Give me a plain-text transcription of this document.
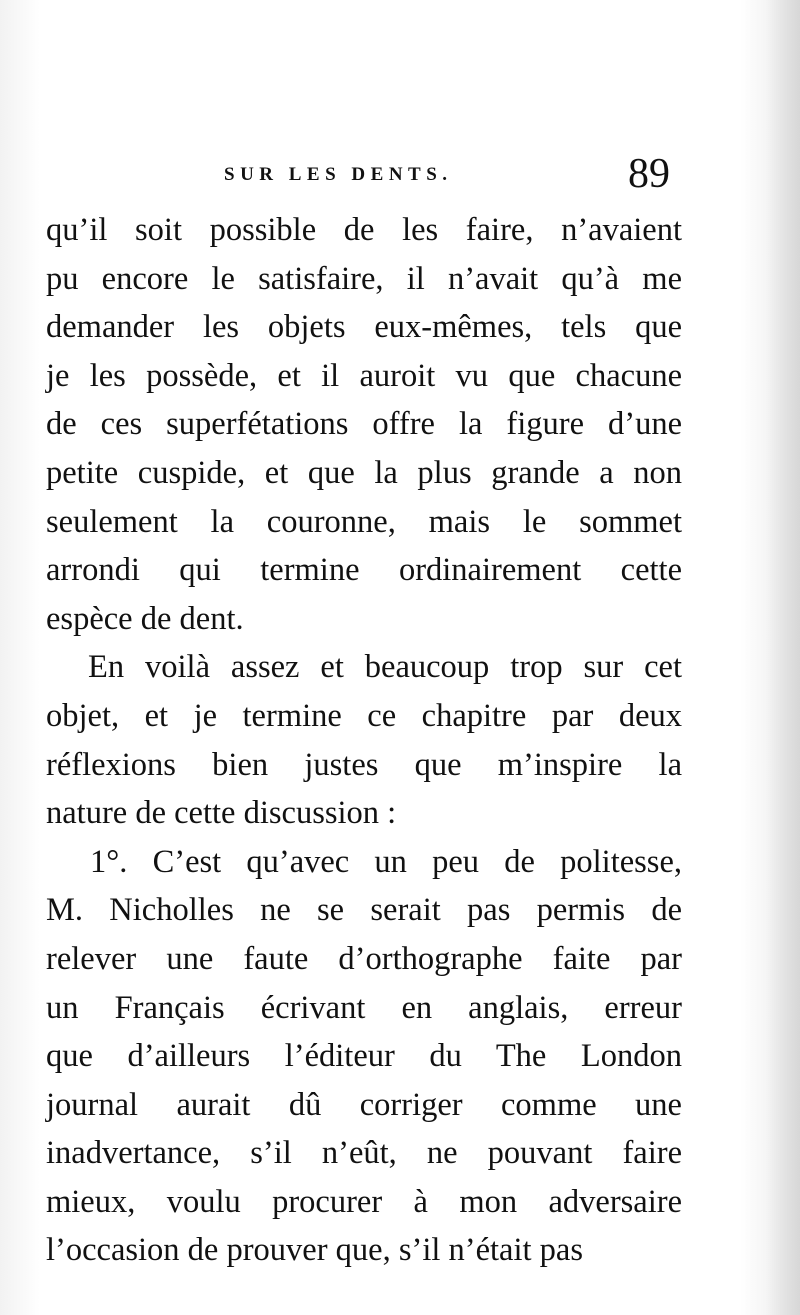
SUR LES DENTS.	89
qu’il soit possible de les faire, n’avaient
pu encore le satisfaire, il n’avait qu’à me
demander les objets eux-mêmes, tels que
je les possède, et il auroit vu que chacune
de ces superfétations offre la figure d’une
petite cuspide, et que la plus grande a non
seulement la couronne, mais le sommet
arrondi qui termine ordinairement cette
espèce de dent.
En voilà assez et beaucoup trop sur cet
objet, et je termine ce chapitre par deux
réflexions bien justes que m’inspire la
nature de cette discussion :
1°. C’est qu’avec un peu de politesse,
M. Nicholles ne se serait pas permis de
relever une faute d’orthographe faite par
un Français écrivant en anglais, erreur
que d’ailleurs l’éditeur du The London
journal aurait dû corriger comme une
inadvertance, s’il n’eût, ne pouvant faire
mieux, voulu procurer à mon adversaire
l’occasion de prouver que, s’il n’était pas
